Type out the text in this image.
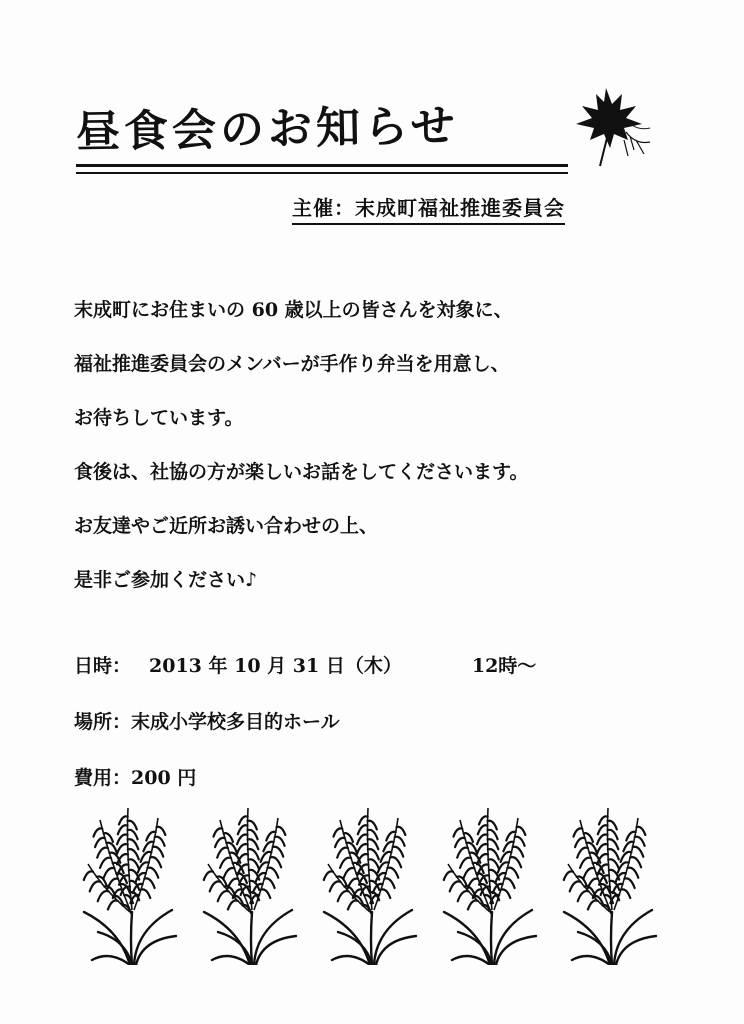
昼食会のお知らせ
主催：末成町福祉推進委員会
末成町にお住まいの 60 歳以上の皆さんを対象に、
福祉推進委員会のメンバーが手作り弁当を用意し、
お待ちしています。
食後は、社協の方が楽しいお話をしてくださいます。
お友達やご近所お誘い合わせの上、
是非ご参加ください♪
日時： 2013 年 10 月 31 日（木）	12時～
場所：末成小学校多目的ホール
費用：200 円
